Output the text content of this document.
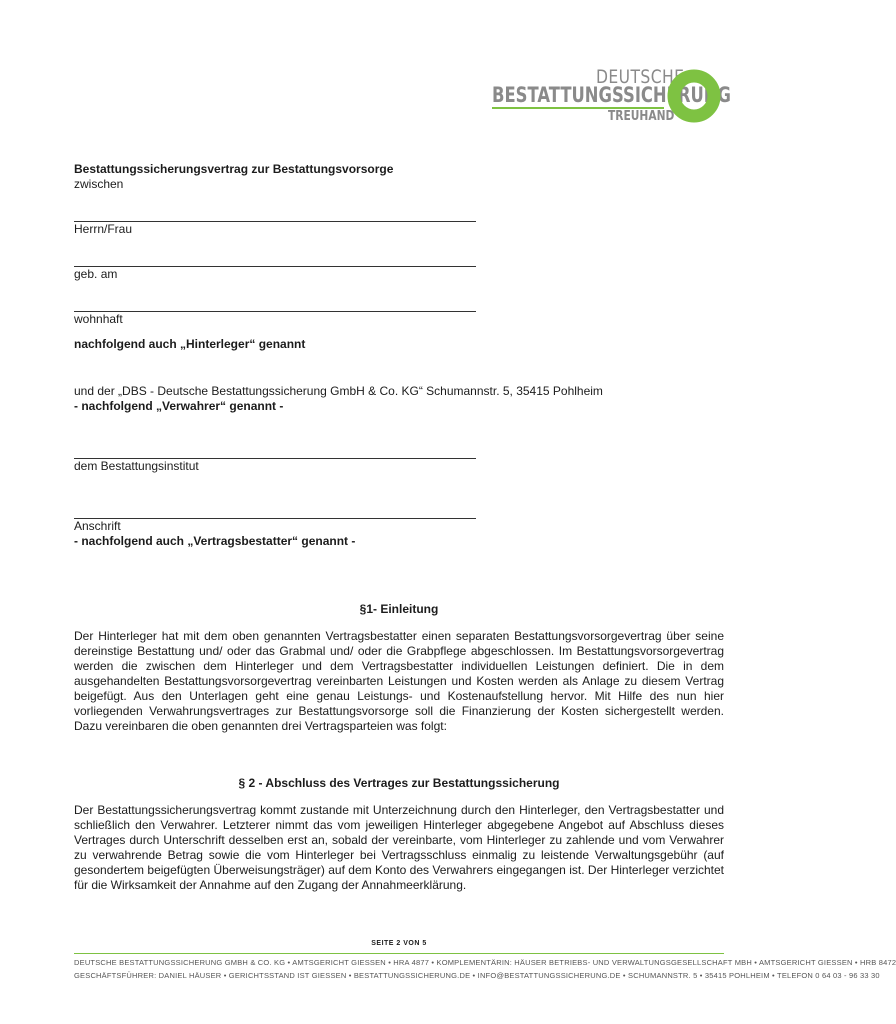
DEUTSCHE
BESTATTUNGSSICHERUNG
TREUHAND
Bestattungssicherungsvertrag zur Bestattungsvorsorge
zwischen
Herrn/Frau
geb. am
wohnhaft
nachfolgend auch „Hinterleger“ genannt
und der „DBS - Deutsche Bestattungssicherung GmbH & Co. KG“ Schumannstr. 5, 35415 Pohlheim
- nachfolgend „Verwahrer“ genannt -
dem Bestattungsinstitut
Anschrift
- nachfolgend auch „Vertragsbestatter“ genannt -
§1- Einleitung
Der Hinterleger hat mit dem oben genannten Vertragsbestatter einen separaten Bestattungsvorsorgevertrag über seine dereinstige Bestattung und/ oder das Grabmal und/ oder die Grabpflege abgeschlossen. Im Bestattungsvorsorgevertrag werden die zwischen dem Hinterleger und dem Vertragsbestatter individuellen Leistungen definiert. Die in dem ausgehandelten Bestattungsvorsorgevertrag vereinbarten Leistungen und Kosten werden als Anlage zu diesem Vertrag beigefügt. Aus den Unterlagen geht eine genau Leistungs- und Kostenaufstellung hervor. Mit Hilfe des nun hier vorliegenden Verwahrungsvertrages zur Bestattungsvorsorge soll die Finanzierung der Kosten sichergestellt werden. Dazu vereinbaren die oben genannten drei Vertragsparteien was folgt:
§ 2 - Abschluss des Vertrages zur Bestattungssicherung
Der Bestattungssicherungsvertrag kommt zustande mit Unterzeichnung durch den Hinterleger, den Vertragsbestatter und schließlich den Verwahrer. Letzterer nimmt das vom jeweiligen Hinterleger abgegebene Angebot auf Abschluss dieses Vertrages durch Unterschrift desselben erst an, sobald der vereinbarte, vom Hinterleger zu zahlende und vom Verwahrer zu verwahrende Betrag sowie die vom Hinterleger bei Vertragsschluss einmalig zu leistende Verwaltungsgebühr (auf gesondertem beigefügten Überweisungsträger) auf dem Konto des Verwahrers eingegangen ist. Der Hinterleger verzichtet für die Wirksamkeit der Annahme auf den Zugang der Annahmeerklärung.
SEITE 2 VON 5
DEUTSCHE BESTATTUNGSSICHERUNG GMBH & CO. KG • AMTSGERICHT GIESSEN • HRA 4877 • KOMPLEMENTÄRIN: HÄUSER BETRIEBS- UND VERWALTUNGSGESELLSCHAFT MBH • AMTSGERICHT GIESSEN • HRB 8472
GESCHÄFTSFÜHRER: DANIEL HÄUSER • GERICHTSSTAND IST GIESSEN • BESTATTUNGSSICHERUNG.DE • INFO@BESTATTUNGSSICHERUNG.DE • SCHUMANNSTR. 5 • 35415 POHLHEIM • TELEFON 0 64 03 - 96 33 30
